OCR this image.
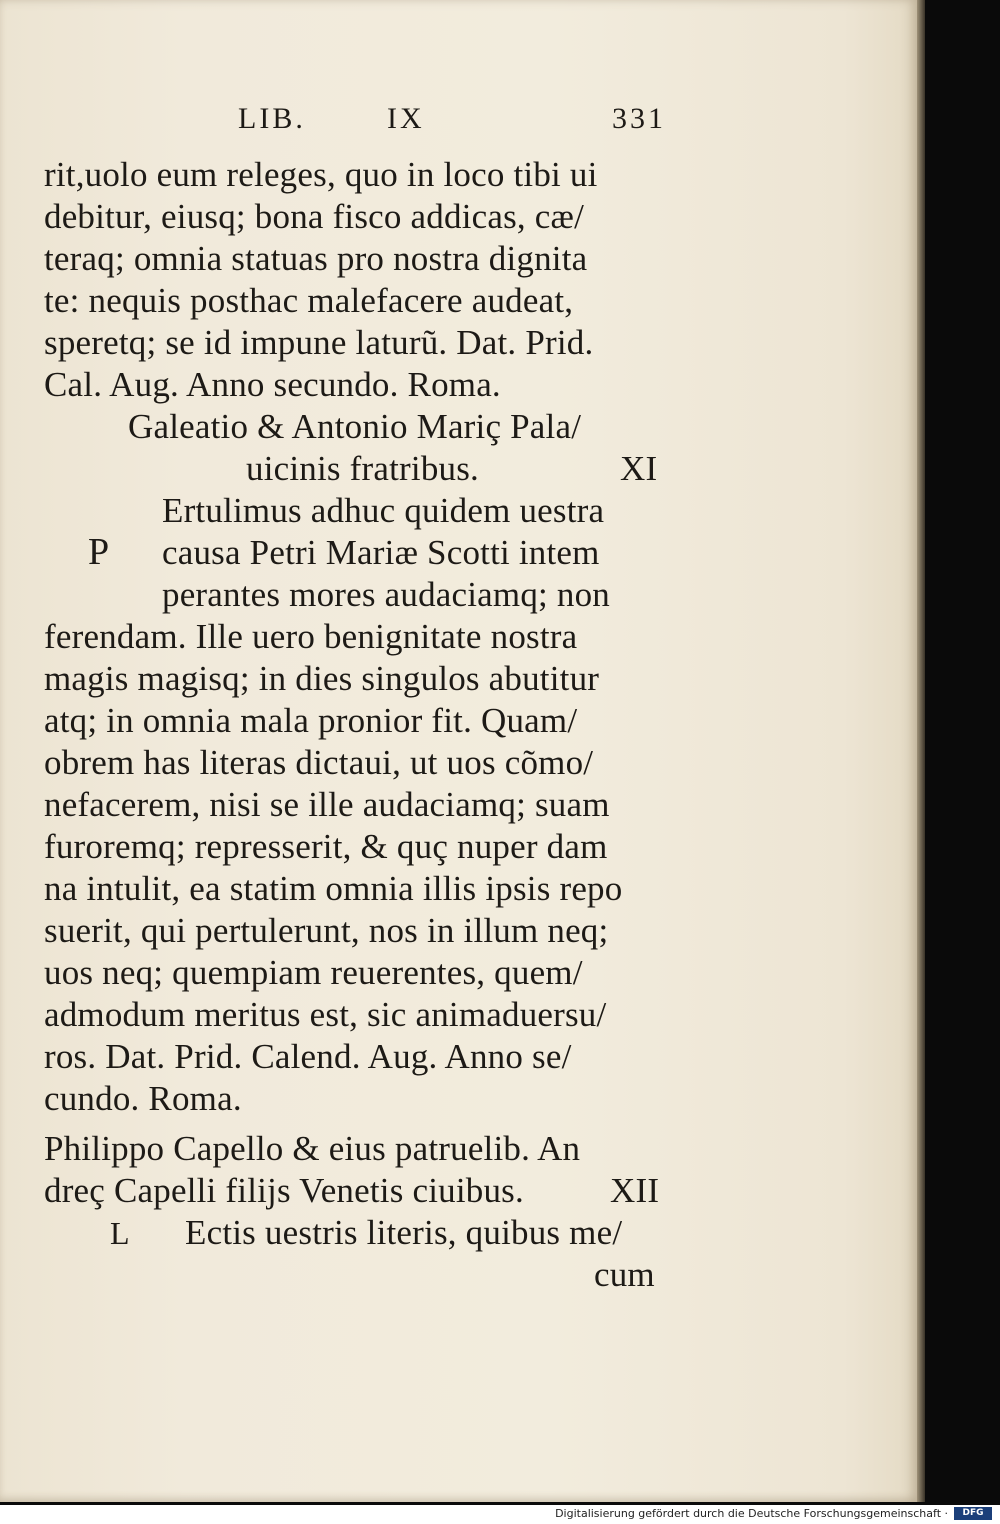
LIB.	IX	331
rit,uolo eum releges, quo in loco tibi ui
debitur, eiusq; bona fisco addicas, cæ/
teraq; omnia statuas pro nostra dignita
te: nequis posthac malefacere audeat,
speretq; se id impune laturũ. Dat. Prid.
Cal. Aug. Anno secundo. Roma.
Galeatio & Antonio Mariç Pala/
uicinis fratribus.	XI
P
Ertulimus adhuc quidem uestra
causa Petri Mariæ Scotti intem
perantes mores audaciamq; non
ferendam. Ille uero benignitate nostra
magis magisq; in dies singulos abutitur
atq; in omnia mala pronior fit. Quam/
obrem has literas dictaui, ut uos cõmo/
nefacerem, nisi se ille audaciamq; suam
furoremq; represserit, & quç nuper dam
na intulit, ea statim omnia illis ipsis repo
suerit, qui pertulerunt, nos in illum neq;
uos neq; quempiam reuerentes, quem/
admodum meritus est, sic animaduersu/
ros. Dat. Prid. Calend. Aug. Anno se/
cundo. Roma.
Philippo Capello & eius patruelib. An
dreç Capelli filijs Venetis ciuibus. XII
L Ectis uestris literis, quibus me/
cum
Digitalisierung gefördert durch die Deutsche Forschungsgemeinschaft ·	DFG
